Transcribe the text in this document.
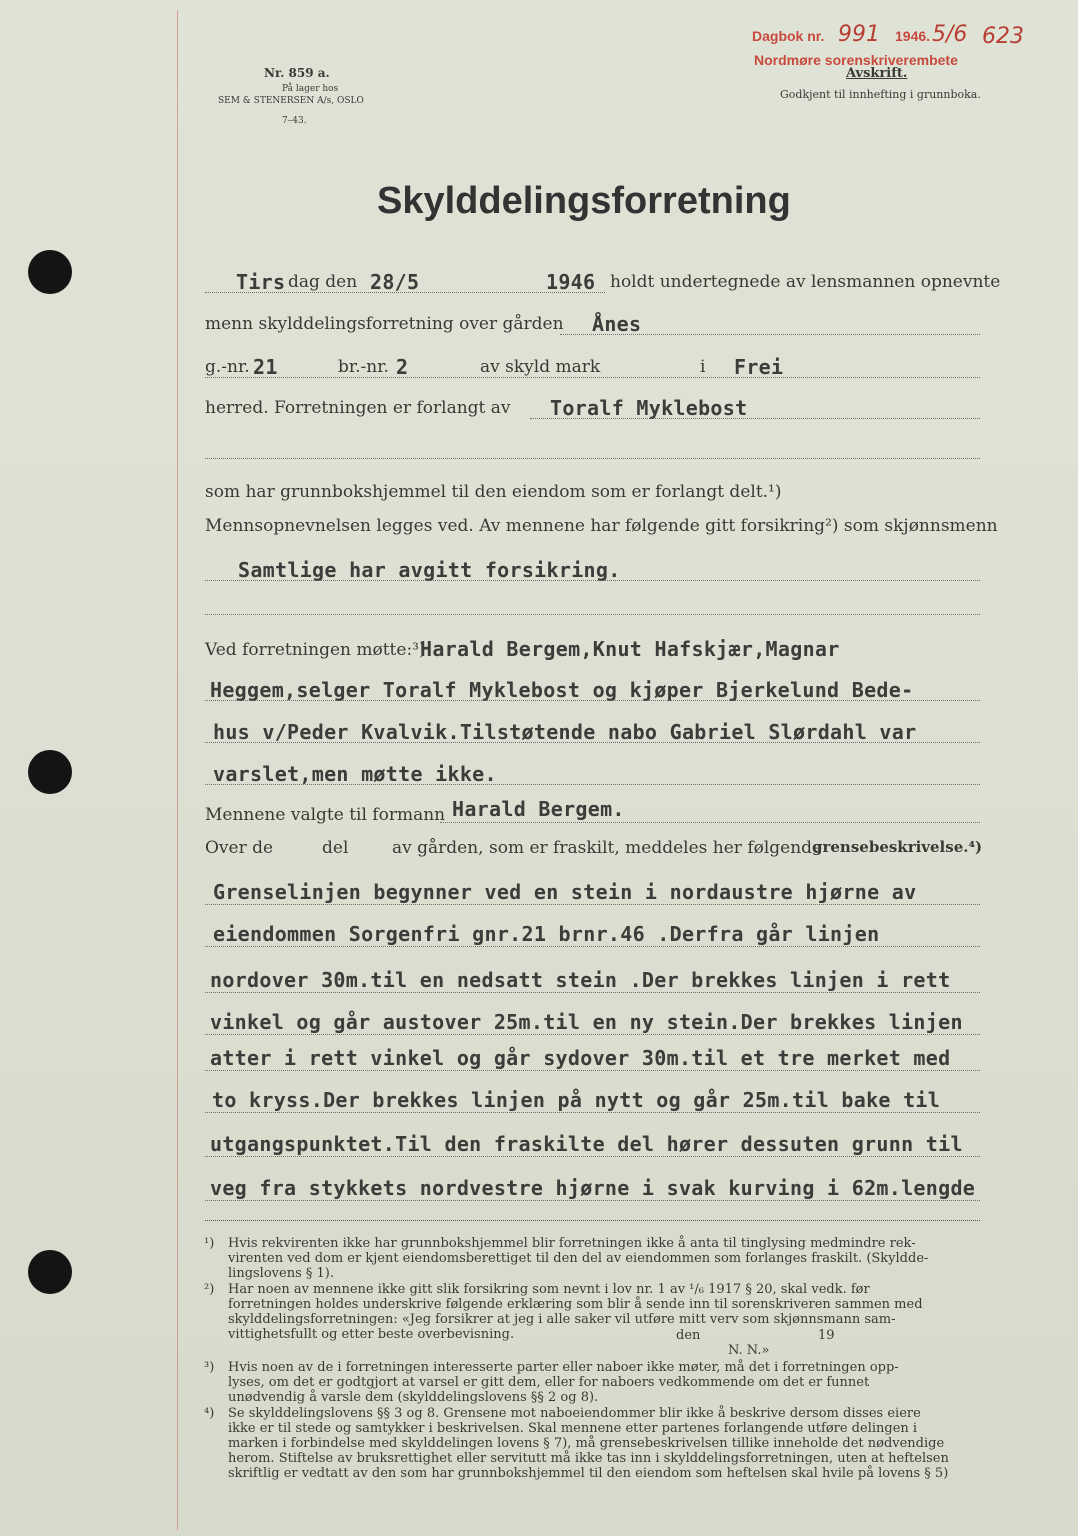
Nr. 859 a.
På lager hos
SEM & STENERSEN A/s, OSLO
7–43.
Dagbok nr. 991 1946. 5/6 623
Nordmøre sorenskriverembete
Avskrift.
Godkjent til innhefting i grunnboka.
Skylddelingsforretning
Tirs dag den 28/5	1946 holdt undertegnede av lensmannen opnevnte
menn skylddelingsforretning over gården Ånes
g.-nr. 21	br.-nr. 2	av skyld mark	i Frei
herred. Forretningen er forlangt av Toralf Myklebost
som har grunnbokshjemmel til den eiendom som er forlangt delt.¹)
Mennsopnevnelsen legges ved. Av mennene har følgende gitt forsikring²) som skjønnsmenn
Samtlige har avgitt forsikring.
Ved forretningen møtte:³)
Harald Bergem,Knut Hafskjær,Magnar
Heggem,selger Toralf Myklebost og kjøper Bjerkelund Bede-
hus v/Peder Kvalvik.Tilstøtende nabo Gabriel Slørdahl var
varslet,men møtte ikke.
Mennene valgte til formann Harald Bergem.
Over de	del	av gården, som er fraskilt, meddeles her følgende
grensebeskrivelse.⁴)
Grenselinjen begynner ved en stein i nordaustre hjørne av
eiendommen Sorgenfri gnr.21 brnr.46 .Derfra går linjen
nordover 30m.til en nedsatt stein .Der brekkes linjen i rett
vinkel og går austover 25m.til en ny stein.Der brekkes linjen
atter i rett vinkel og går sydover 30m.til et tre merket med
to kryss.Der brekkes linjen på nytt og går 25m.til bake til
utgangspunktet.Til den fraskilte del hører dessuten grunn til
veg fra stykkets nordvestre hjørne i svak kurving i 62m.lengde
¹) Hvis rekvirenten ikke har grunnbokshjemmel blir forretningen ikke å anta til tinglysing medmindre rek-
virenten ved dom er kjent eiendomsberettiget til den del av eiendommen som forlanges fraskilt. (Skyldde-
lingslovens § 1).
²) Har noen av mennene ikke gitt slik forsikring som nevnt i lov nr. 1 av ¹/₆ 1917 § 20, skal vedk. før
forretningen holdes underskrive følgende erklæring som blir å sende inn til sorenskriveren sammen med
skylddelingsforretningen: «Jeg forsikrer at jeg i alle saker vil utføre mitt verv som skjønnsmann sam-
vittighetsfullt og etter beste overbevisning.	den	19
N. N.»
³) Hvis noen av de i forretningen interesserte parter eller naboer ikke møter, må det i forretningen opp-
lyses, om det er godtgjort at varsel er gitt dem, eller for naboers vedkommende om det er funnet
unødvendig å varsle dem (skylddelingslovens §§ 2 og 8).
⁴) Se skylddelingslovens §§ 3 og 8. Grensene mot naboeiendommer blir ikke å beskrive dersom disses eiere
ikke er til stede og samtykker i beskrivelsen. Skal mennene etter partenes forlangende utføre delingen i
marken i forbindelse med skylddelingen lovens § 7), må grensebeskrivelsen tillike inneholde det nødvendige
herom. Stiftelse av bruksrettighet eller servitutt må ikke tas inn i skylddelingsforretningen, uten at heftelsen
skriftlig er vedtatt av den som har grunnbokshjemmel til den eiendom som heftelsen skal hvile på lovens § 5)
